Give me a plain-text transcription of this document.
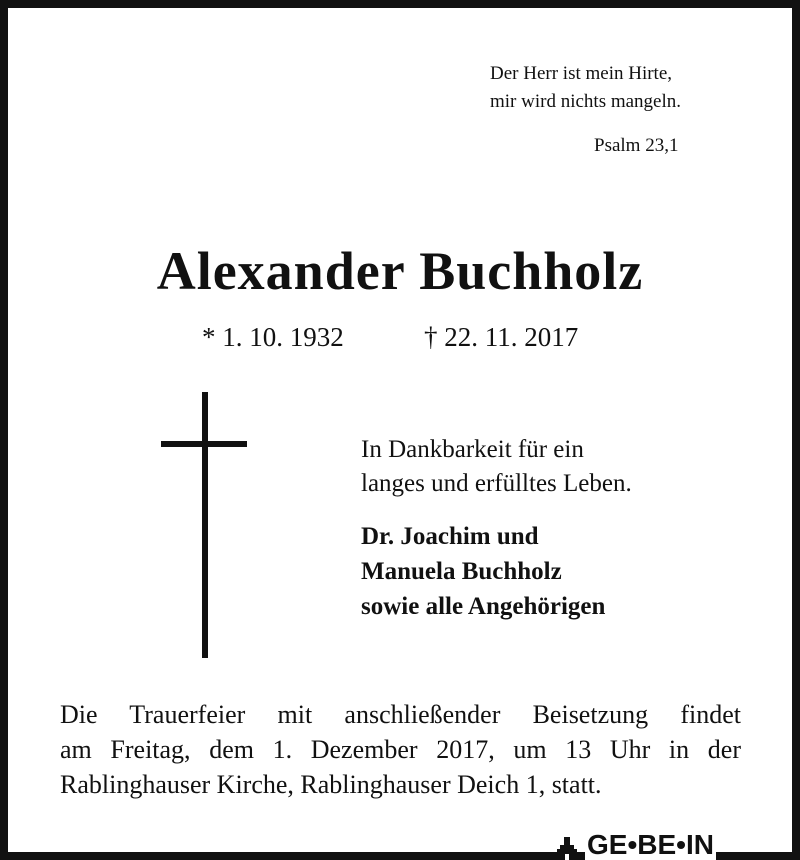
Der Herr ist mein Hirte,
mir wird nichts mangeln.
Psalm 23,1
Alexander Buchholz
* 1. 10. 1932	† 22. 11. 2017
In Dankbarkeit für ein
langes und erfülltes Leben.
Dr. Joachim und
Manuela Buchholz
sowie alle Angehörigen
Die Trauerfeier mit anschließender Beisetzung findet
am Freitag, dem 1. Dezember 2017, um 13 Uhr in der
Rablinghauser Kirche, Rablinghauser Deich 1, statt.
GE•BE•IN
